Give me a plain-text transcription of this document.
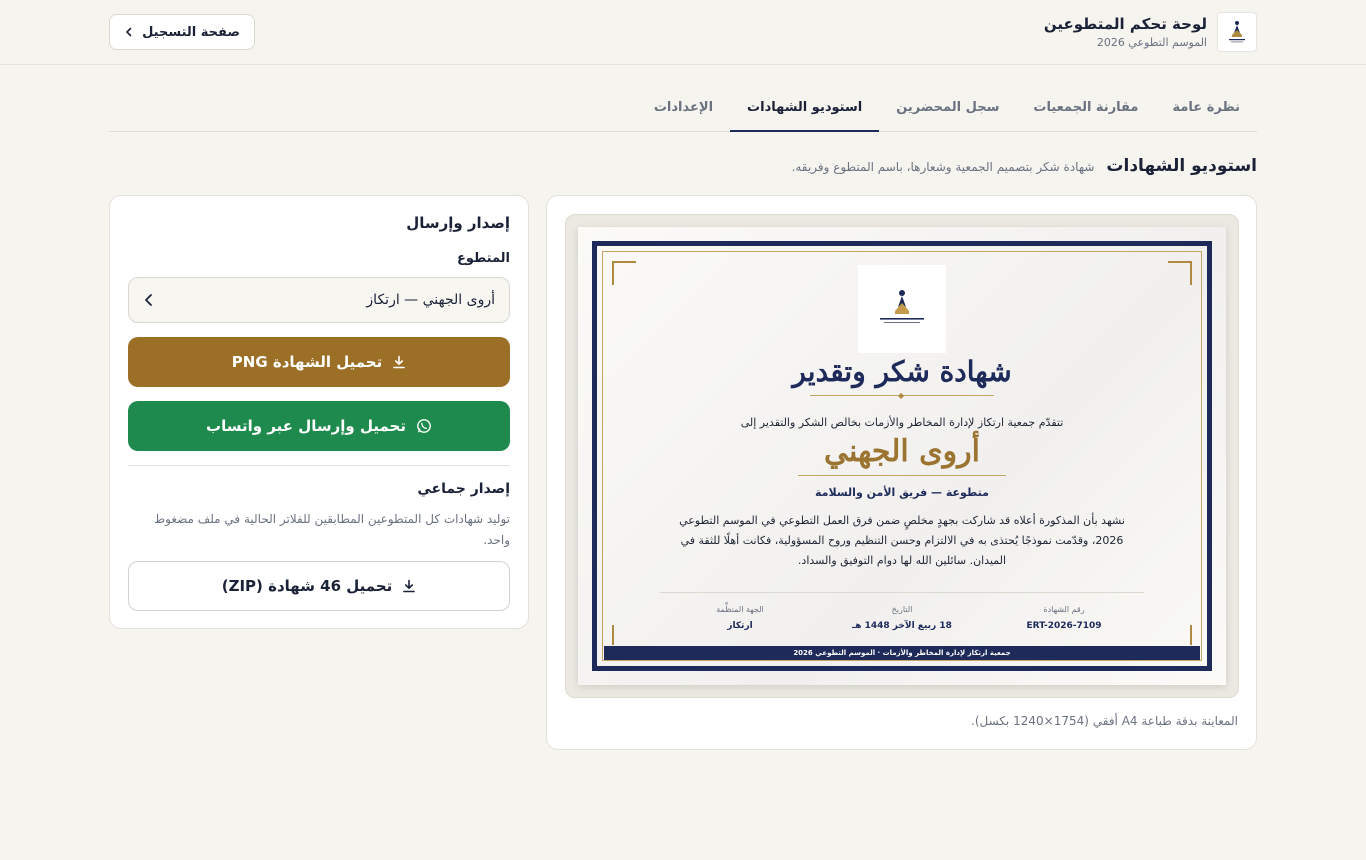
لوحة تحكم المتطوعين
الموسم التطوعي 2026
صفحة التسجيل
نظرة عامة
مقارنة الجمعيات
سجل المحضرين
استوديو الشهادات
الإعدادات
استوديو الشهادات
شهادة شكر بتصميم الجمعية وشعارها، باسم المتطوع وفريقه.
شهادة شكر وتقدير
◆
تتقدّم جمعية ارتكاز لإدارة المخاطر والأزمات بخالص الشكر والتقدير إلى
أروى الجهني
متطوعة — فريق الأمن والسلامة
نشهد بأن المذكورة أعلاه قد شاركت بجهدٍ مخلصٍ ضمن فرق العمل التطوعي في الموسم التطوعي 2026، وقدّمت نموذجًا يُحتذى به في الالتزام وحسن التنظيم وروح المسؤولية، فكانت أهلًا للثقة في الميدان. سائلين الله لها دوام التوفيق والسداد.
رقم الشهادة
ERT-2026-7109
التاريخ
18 ربيع الآخر 1448 هـ
الجهة المنظِّمة
ارتكاز
جمعية ارتكاز لإدارة المخاطر والأزمات · الموسم التطوعي 2026
المعاينة بدقة طباعة A4 أفقي (1754×1240 بكسل).
إصدار وإرسال
المتطوع
أروى الجهني — ارتكاز
تحميل الشهادة PNG
تحميل وإرسال عبر واتساب
إصدار جماعي
توليد شهادات كل المتطوعين المطابقين للفلاتر الحالية في ملف مضغوط واحد.
تحميل 46 شهادة (ZIP)
